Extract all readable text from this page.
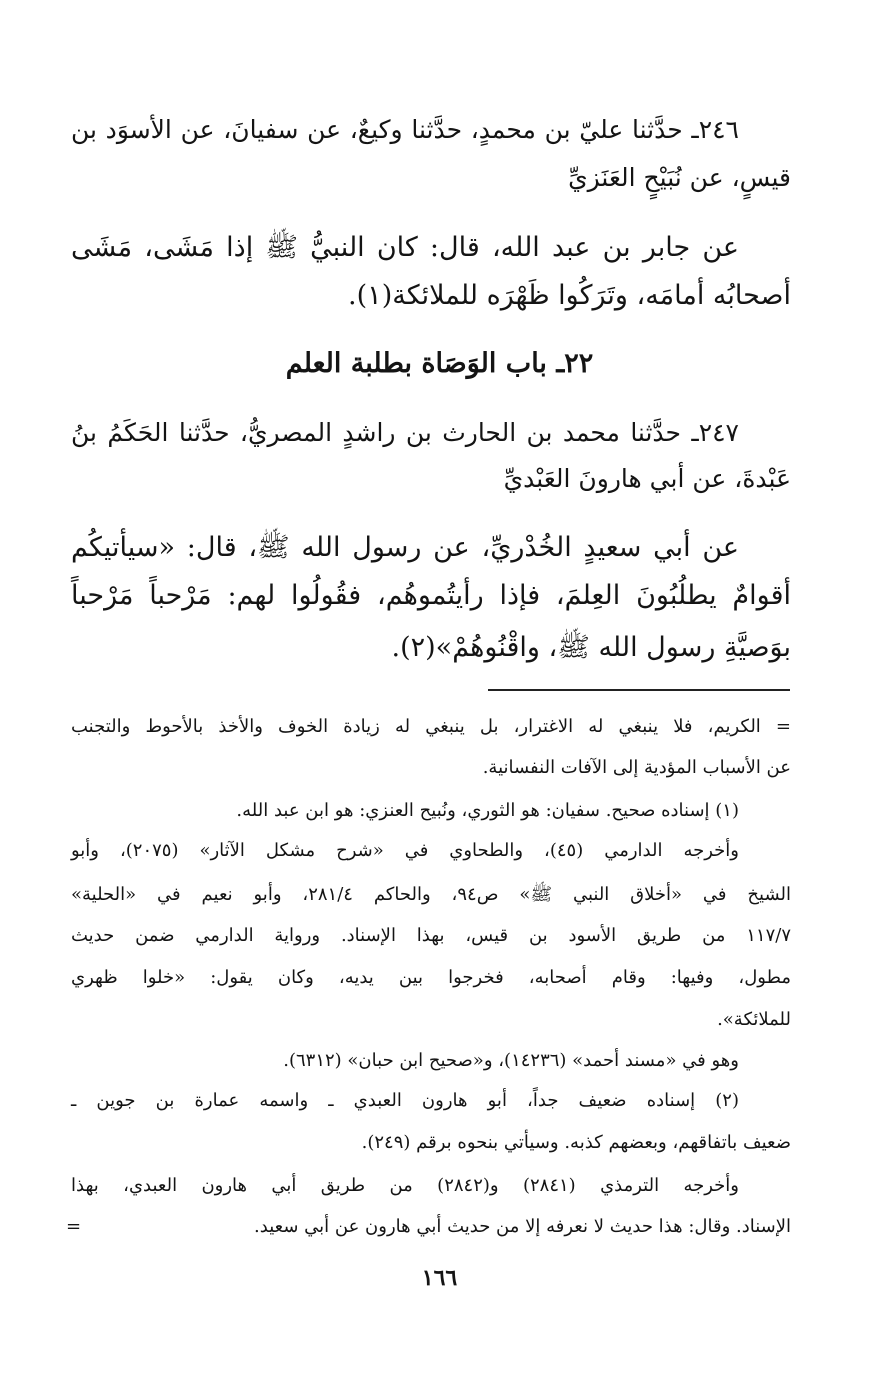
٢٤٦ـ حدَّثنا عليّ بن محمدٍ، حدَّثنا وكيعٌ، عن سفيانَ، عن الأسوَد بن
قيسٍ، عن نُبَيْحٍ العَنَزيِّ
عن جابر بن عبد الله، قال: كان النبيُّ ﷺ إذا مَشَى، مَشَى
أصحابُه أمامَه، وتَرَكُوا ظَهْرَه للملائكة(١).
٢٢ـ باب الوَصَاة بطلبة العلم
٢٤٧ـ حدَّثنا محمد بن الحارث بن راشدٍ المصريُّ، حدَّثنا الحَكَمُ بنُ
عَبْدةَ، عن أبي هارونَ العَبْديِّ
عن أبي سعيدٍ الخُدْريِّ، عن رسول الله ﷺ، قال: «سيأتيكُم
أقوامٌ يطلُبُونَ العِلمَ، فإذا رأيتُموهُم، فقُولُوا لهم: مَرْحباً مَرْحباً
بوَصيَّةِ رسول الله ﷺ، واقْنُوهُمْ»(٢).
= الكريم، فلا ينبغي له الاغترار، بل ينبغي له زيادة الخوف والأخذ بالأحوط والتجنب
عن الأسباب المؤدية إلى الآفات النفسانية.
(١) إسناده صحيح. سفيان: هو الثوري، ونُبيح العنزي: هو ابن عبد الله.
وأخرجه الدارمي (٤٥)، والطحاوي في «شرح مشكل الآثار» (٢٠٧٥)، وأبو
الشيخ في «أخلاق النبي ﷺ» ص٩٤، والحاكم ٢٨١/٤، وأبو نعيم في «الحلية»
١١٧/٧ من طريق الأسود بن قيس، بهذا الإسناد. ورواية الدارمي ضمن حديث
مطول، وفيها: وقام أصحابه، فخرجوا بين يديه، وكان يقول: «خلوا ظهري
للملائكة».
وهو في «مسند أحمد» (١٤٢٣٦)، و«صحيح ابن حبان» (٦٣١٢).
(٢) إسناده ضعيف جداً، أبو هارون العبدي ـ واسمه عمارة بن جوين ـ
ضعيف باتفاقهم، وبعضهم كذبه. وسيأتي بنحوه برقم (٢٤٩).
وأخرجه الترمذي (٢٨٤١) و(٢٨٤٢) من طريق أبي هارون العبدي، بهذا
الإسناد. وقال: هذا حديث لا نعرفه إلا من حديث أبي هارون عن أبي سعيد.
=
١٦٦
